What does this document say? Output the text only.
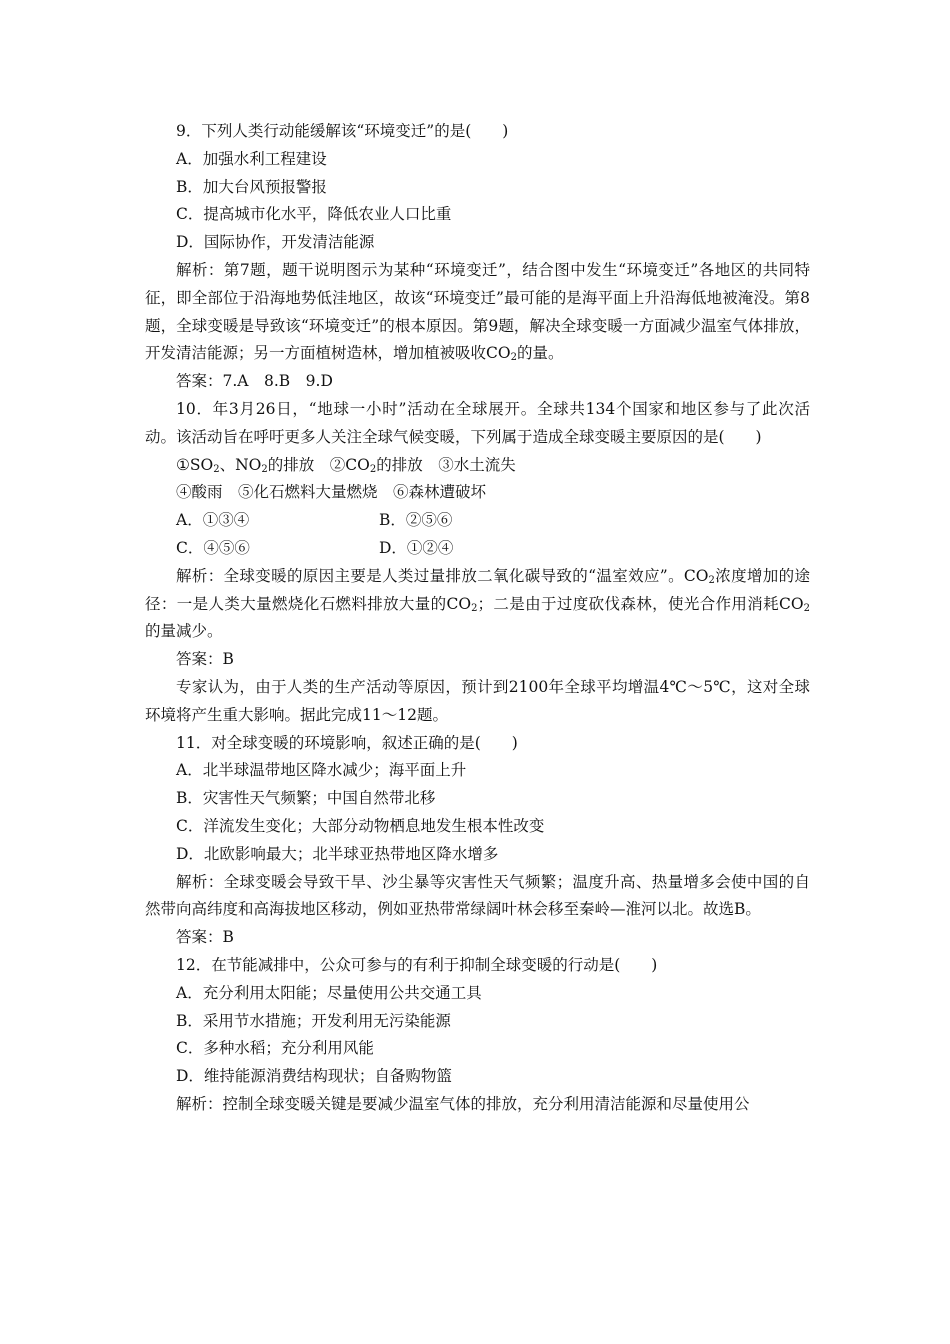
9．下列人类行动能缓解该“环境变迁”的是(　　)

A．加强水利工程建设

B．加大台风预报警报

C．提高城市化水平，降低农业人口比重

D．国际协作，开发清洁能源

解析：第7题，题干说明图示为某种“环境变迁”，结合图中发生“环境变迁”各地区的共同特征，即全部位于沿海地势低洼地区，故该“环境变迁”最可能的是海平面上升沿海低地被淹没。第8题，全球变暖是导致该“环境变迁”的根本原因。第9题，解决全球变暖一方面减少温室气体排放，开发清洁能源；另一方面植树造林，增加植被吸收$CO_2$的量。

答案：7.A　8.B　9.D

10．年3月26日，“地球一小时”活动在全球展开。全球共134个国家和地区参与了此次活动。该活动旨在呼吁更多人关注全球气候变暖，下列属于造成全球变暖主要原因的是(　　)

$①SO_2$、$NO_2$的排放　$②CO_2$的排放　③水土流失

④酸雨　⑤化石燃料大量燃烧　⑥森林遭破坏

A．①③④	B．②⑤⑥
C．④⑤⑥	D．①②④

解析：全球变暖的原因主要是人类过量排放二氧化碳导致的“温室效应”。$CO_2$浓度增加的途径：一是人类大量燃烧化石燃料排放大量的$CO_2$；二是由于过度砍伐森林，使光合作用消耗$CO_2$的量减少。

答案：B

专家认为，由于人类的生产活动等原因，预计到2100年全球平均增温4℃～5℃，这对全球环境将产生重大影响。据此完成11～12题。

11．对全球变暖的环境影响，叙述正确的是(　　)

A．北半球温带地区降水减少；海平面上升

B．灾害性天气频繁；中国自然带北移

C．洋流发生变化；大部分动物栖息地发生根本性改变

D．北欧影响最大；北半球亚热带地区降水增多

解析：全球变暖会导致干旱、沙尘暴等灾害性天气频繁；温度升高、热量增多会使中国的自然带向高纬度和高海拔地区移动，例如亚热带常绿阔叶林会移至秦岭—淮河以北。故选B。

答案：B

12．在节能减排中，公众可参与的有利于抑制全球变暖的行动是(　　)

A．充分利用太阳能；尽量使用公共交通工具

B．采用节水措施；开发利用无污染能源

C．多种水稻；充分利用风能

D．维持能源消费结构现状；自备购物篮

解析：控制全球变暖关键是要减少温室气体的排放，充分利用清洁能源和尽量使用公
